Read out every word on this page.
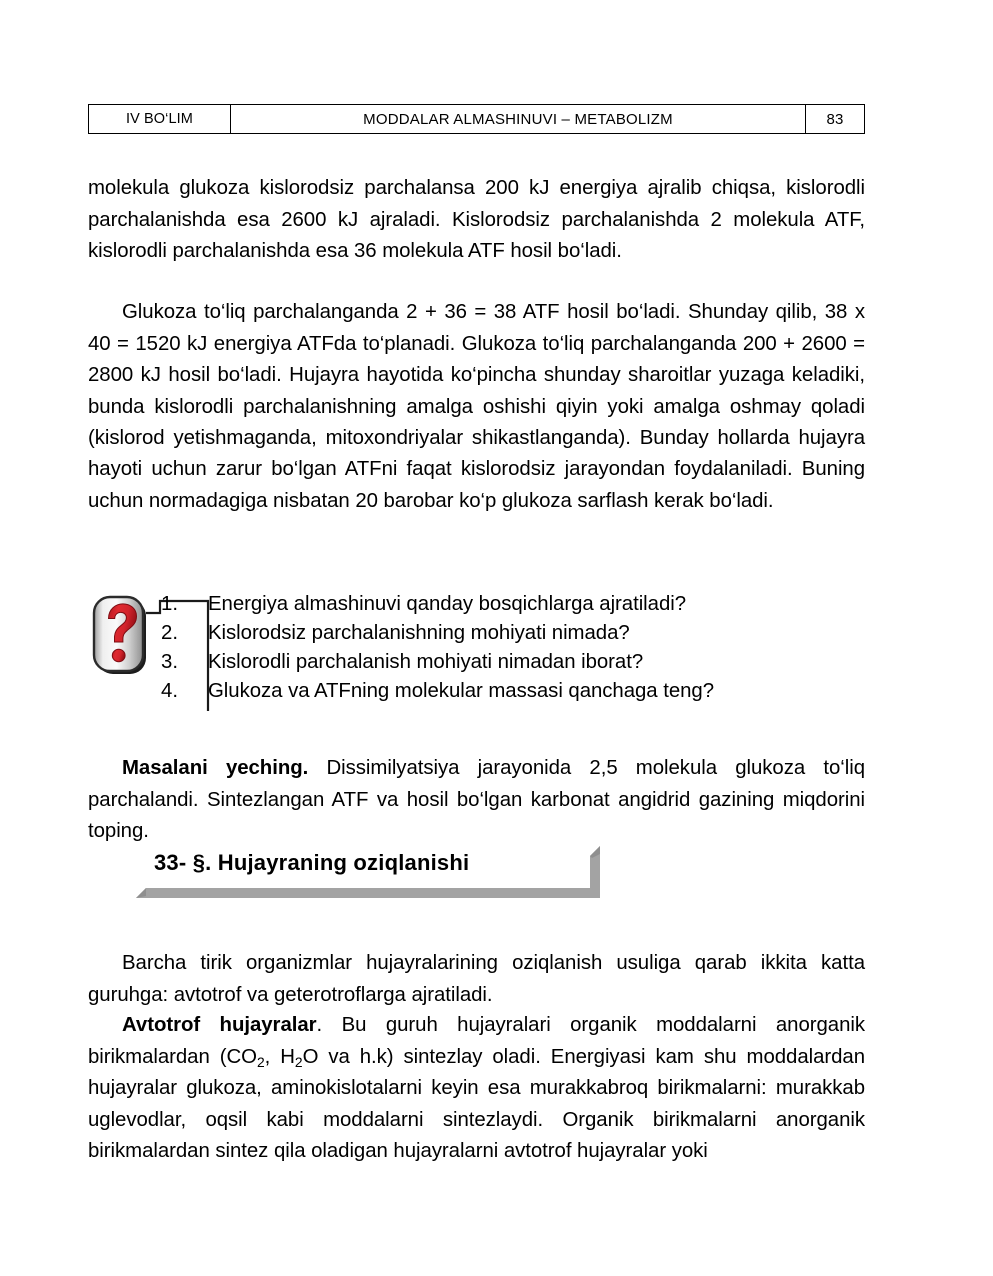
IV BO‘LIM	MODDALAR ALMASHINUVI – METABOLIZM	83

molekula glukoza kislorodsiz parchalansa 200 kJ energiya ajralib chiqsa, kislorodli parchalanishda esa 2600 kJ ajraladi. Kislorodsiz parchalanishda 2 molekula ATF, kislorodli parchalanishda esa 36 molekula ATF hosil bo‘ladi.

Glukoza to‘liq parchalanganda 2 + 36 = 38 ATF hosil bo‘ladi. Shunday qilib, 38 x 40 = 1520 kJ energiya ATFda to‘planadi. Glukoza to‘liq parchalanganda 200 + 2600 = 2800 kJ hosil bo‘ladi. Hujayra hayotida ko‘pincha shunday sharoitlar yuzaga keladiki, bunda kislorodli parchalanishning amalga oshishi qiyin yoki amalga oshmay qoladi (kislorod yetishmaganda, mitoxondriyalar shikastlanganda). Bunday hollarda hujayra hayoti uchun zarur bo‘lgan ATFni faqat kislorodsiz jarayondan foydalaniladi. Buning uchun normadagiga nisbatan 20 barobar ko‘p glukoza sarflash kerak bo‘ladi.

1.	Energiya almashinuvi qanday bosqichlarga ajratiladi?
2.	Kislorodsiz parchalanishning mohiyati nimada?
3.	Kislorodli parchalanish mohiyati nimadan iborat?
4.	Glukoza va ATFning molekular massasi qanchaga teng?

Masalani yeching. Dissimilyatsiya jarayonida 2,5 molekula glukoza to‘liq parchalandi. Sintezlangan ATF va hosil bo‘lgan karbonat angidrid gazining miqdorini toping.

33- §. Hujayraning oziqlanishi

Barcha tirik organizmlar hujayralarining oziqlanish usuliga qarab ikkita katta guruhga: avtotrof va geterotroflarga ajratiladi.

Avtotrof hujayralar. Bu guruh hujayralari organik moddalarni anorganik birikmalardan ($CO_2$, $H_2O$ va h.k) sintezlay oladi. Energiyasi kam shu moddalardan hujayralar glukoza, aminokislotalarni keyin esa murakkabroq birikmalarni: murakkab uglevodlar, oqsil kabi moddalarni sintezlaydi. Organik birikmalarni anorganik birikmalardan sintez qila oladigan hujayralarni avtotrof hujayralar yoki
